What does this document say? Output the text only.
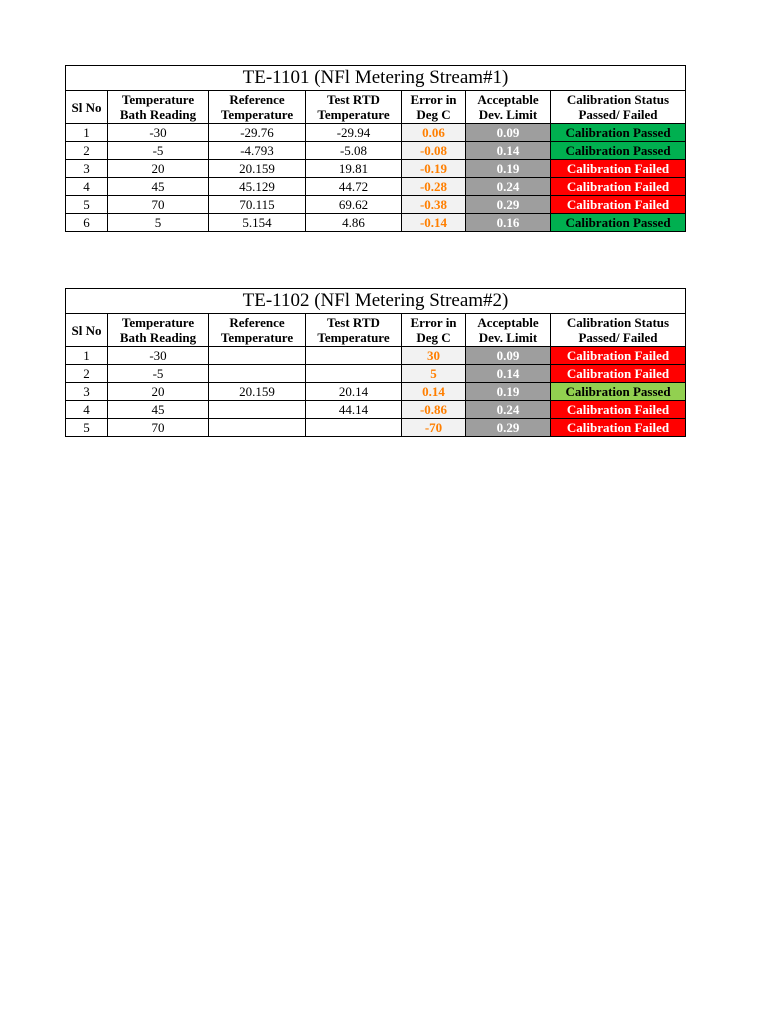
TE-1101 (NFl Metering Stream#1)						
Sl No	Temperature Bath Reading	Reference Temperature	Test RTD Temperature	Error in Deg C	Acceptable Dev. Limit	Calibration Status Passed/ Failed
1	-30	-29.76	-29.94	0.06	0.09	Calibration Passed
2	-5	-4.793	-5.08	-0.08	0.14	Calibration Passed
3	20	20.159	19.81	-0.19	0.19	Calibration Failed
4	45	45.129	44.72	-0.28	0.24	Calibration Failed
5	70	70.115	69.62	-0.38	0.29	Calibration Failed
6	5	5.154	4.86	-0.14	0.16	Calibration Passed
TE-1102 (NFl Metering Stream#2)						
Sl No	Temperature Bath Reading	Reference Temperature	Test RTD Temperature	Error in Deg C	Acceptable Dev. Limit	Calibration Status Passed/ Failed
1	-30			30	0.09	Calibration Failed
2	-5			5	0.14	Calibration Failed
3	20	20.159	20.14	0.14	0.19	Calibration Passed
4	45		44.14	-0.86	0.24	Calibration Failed
5	70			-70	0.29	Calibration Failed
